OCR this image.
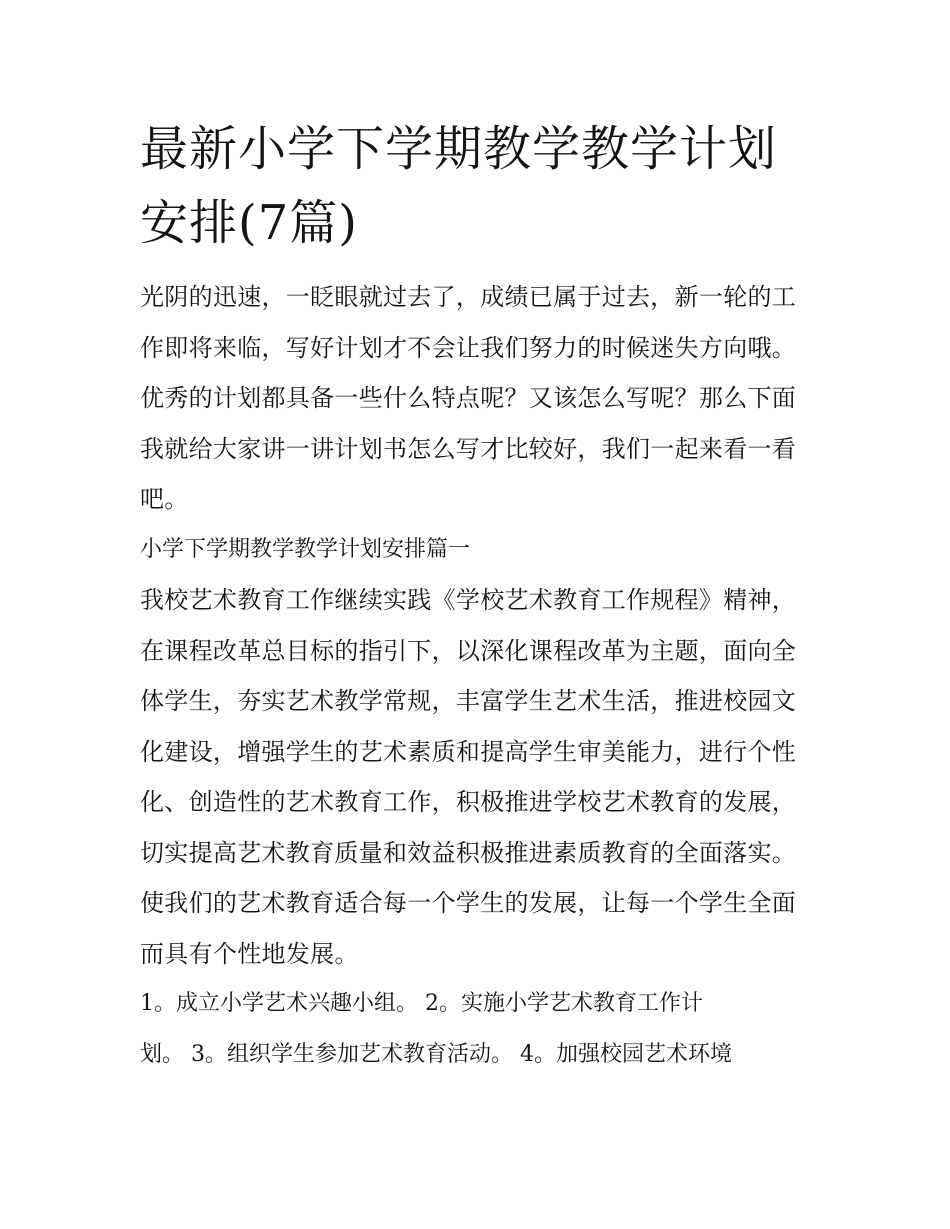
最新小学下学期教学教学计划安排(7篇)

光阴的迅速，一眨眼就过去了，成绩已属于过去，新一轮的工作即将来临，写好计划才不会让我们努力的时候迷失方向哦。优秀的计划都具备一些什么特点呢？又该怎么写呢？那么下面我就给大家讲一讲计划书怎么写才比较好，我们一起来看一看吧。

小学下学期教学教学计划安排篇一

我校艺术教育工作继续实践《学校艺术教育工作规程》精神，在课程改革总目标的指引下，以深化课程改革为主题，面向全体学生，夯实艺术教学常规，丰富学生艺术生活，推进校园文化建设，增强学生的艺术素质和提高学生审美能力，进行个性化、创造性的艺术教育工作，积极推进学校艺术教育的发展，切实提高艺术教育质量和效益积极推进素质教育的全面落实。使我们的艺术教育适合每一个学生的发展，让每一个学生全面而具有个性地发展。

1。成立小学艺术兴趣小组。 2。实施小学艺术教育工作计

划。 3。组织学生参加艺术教育活动。 4。加强校园艺术环境
